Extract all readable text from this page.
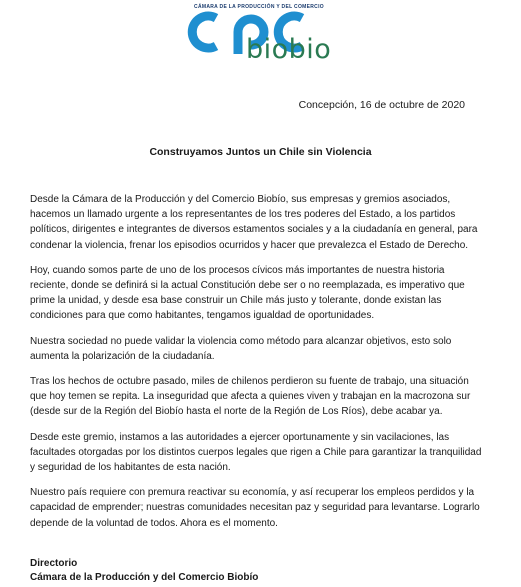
CÁMARA DE LA PRODUCCIÓN Y DEL COMERCIO
biobio
Concepción, 16 de octubre de 2020
Construyamos Juntos un Chile sin Violencia

Desde la Cámara de la Producción y del Comercio Biobío, sus empresas y gremios asociados, hacemos un llamado urgente a los representantes de los tres poderes del Estado, a los partidos políticos, dirigentes e integrantes de diversos estamentos sociales y a la ciudadanía en general, para condenar la violencia, frenar los episodios ocurridos y hacer que prevalezca el Estado de Derecho.

Hoy, cuando somos parte de uno de los procesos cívicos más importantes de nuestra historia reciente, donde se definirá si la actual Constitución debe ser o no reemplazada, es imperativo que prime la unidad, y desde esa base construir un Chile más justo y tolerante, donde existan las condiciones para que como habitantes, tengamos igualdad de oportunidades.

Nuestra sociedad no puede validar la violencia como método para alcanzar objetivos, esto solo aumenta la polarización de la ciudadanía.

Tras los hechos de octubre pasado, miles de chilenos perdieron su fuente de trabajo, una situación que hoy temen se repita. La inseguridad que afecta a quienes viven y trabajan en la macrozona sur (desde sur de la Región del Biobío hasta el norte de la Región de Los Ríos), debe acabar ya.

Desde este gremio, instamos a las autoridades a ejercer oportunamente y sin vacilaciones, las facultades otorgadas por los distintos cuerpos legales que rigen a Chile para garantizar la tranquilidad y seguridad de los habitantes de esta nación.

Nuestro país requiere con premura reactivar su economía, y así recuperar los empleos perdidos y la capacidad de emprender; nuestras comunidades necesitan paz y seguridad para levantarse. Lograrlo depende de la voluntad de todos. Ahora es el momento.

Directorio
Cámara de la Producción y del Comercio Biobío
